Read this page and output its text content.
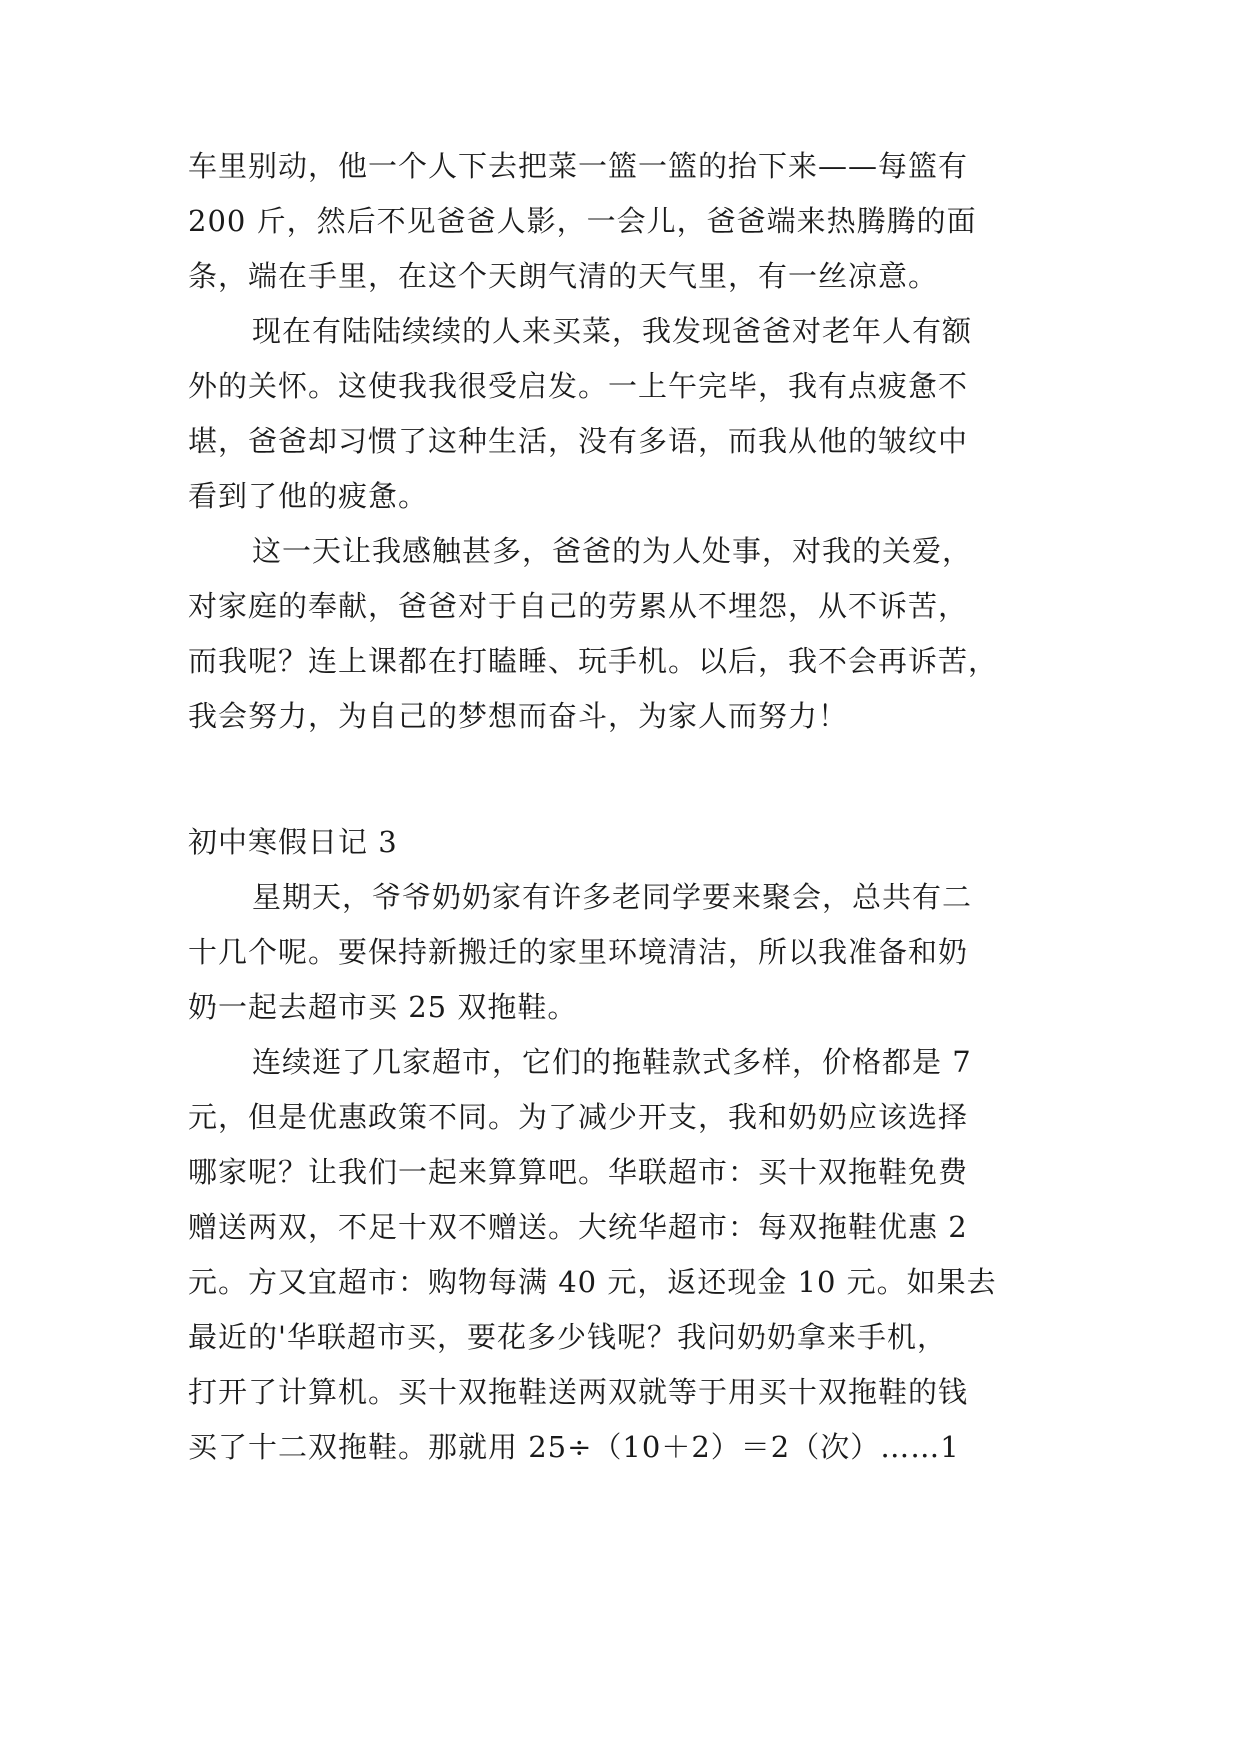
车里别动，他一个人下去把菜一篮一篮的抬下来——每篮有
200 斤，然后不见爸爸人影，一会儿，爸爸端来热腾腾的面
条，端在手里，在这个天朗气清的天气里，有一丝凉意。
现在有陆陆续续的人来买菜，我发现爸爸对老年人有额
外的关怀。这使我我很受启发。一上午完毕，我有点疲惫不
堪，爸爸却习惯了这种生活，没有多语，而我从他的皱纹中
看到了他的疲惫。
这一天让我感触甚多，爸爸的为人处事，对我的关爱，
对家庭的奉献，爸爸对于自己的劳累从不埋怨，从不诉苦，
而我呢？连上课都在打瞌睡、玩手机。以后，我不会再诉苦，
我会努力，为自己的梦想而奋斗，为家人而努力！
初中寒假日记 3
星期天，爷爷奶奶家有许多老同学要来聚会，总共有二
十几个呢。要保持新搬迁的家里环境清洁，所以我准备和奶
奶一起去超市买 25 双拖鞋。
连续逛了几家超市，它们的拖鞋款式多样，价格都是 7
元，但是优惠政策不同。为了减少开支，我和奶奶应该选择
哪家呢？让我们一起来算算吧。华联超市：买十双拖鞋免费
赠送两双，不足十双不赠送。大统华超市：每双拖鞋优惠 2
元。方又宜超市：购物每满 40 元，返还现金 10 元。如果去
最近的'华联超市买，要花多少钱呢？我问奶奶拿来手机，
打开了计算机。买十双拖鞋送两双就等于用买十双拖鞋的钱
买了十二双拖鞋。那就用 25÷（10＋2）＝2（次）……1
